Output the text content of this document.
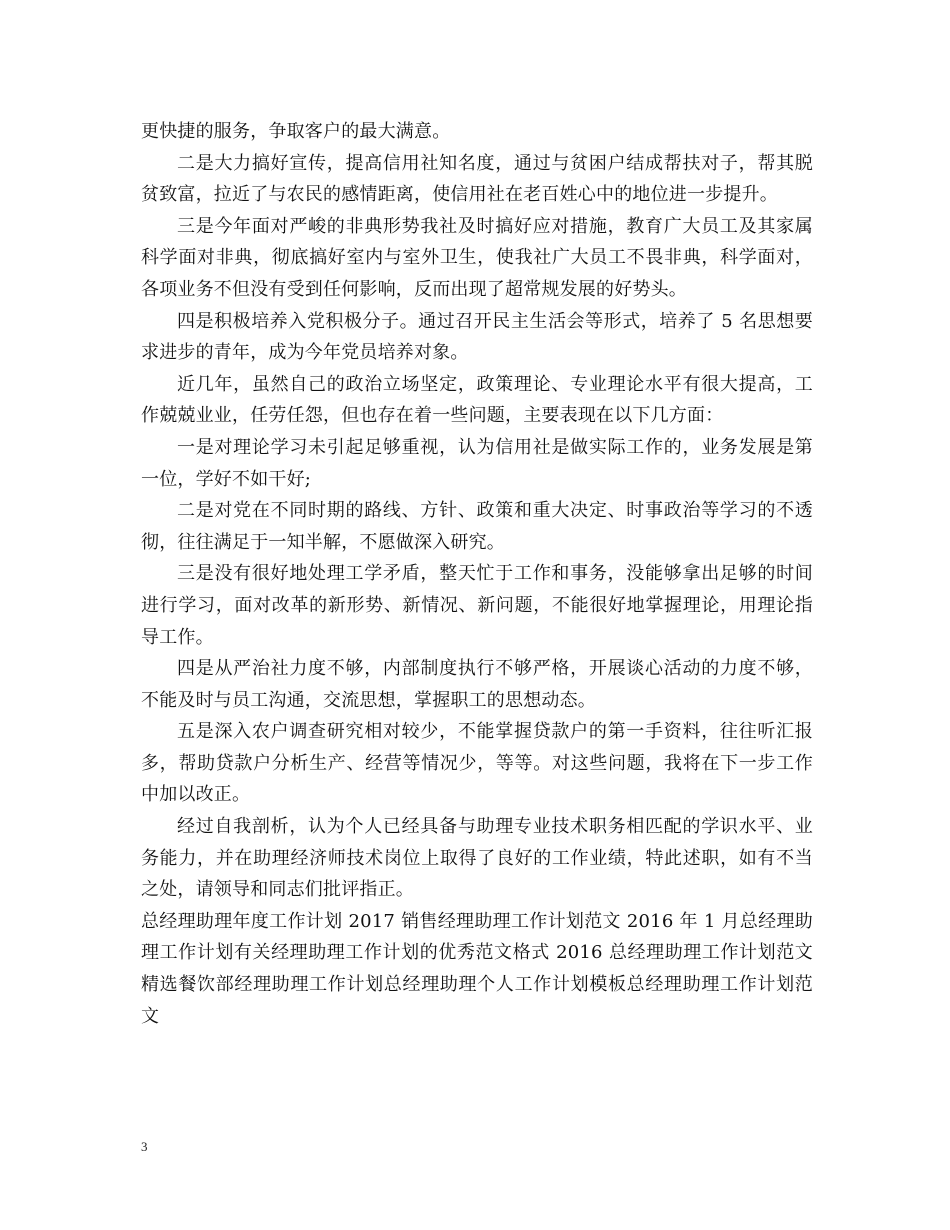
更快捷的服务，争取客户的最大满意。

二是大力搞好宣传，提高信用社知名度，通过与贫困户结成帮扶对子，帮其脱贫致富，拉近了与农民的感情距离，使信用社在老百姓心中的地位进一步提升。

三是今年面对严峻的非典形势我社及时搞好应对措施，教育广大员工及其家属科学面对非典，彻底搞好室内与室外卫生，使我社广大员工不畏非典，科学面对，各项业务不但没有受到任何影响，反而出现了超常规发展的好势头。

四是积极培养入党积极分子。通过召开民主生活会等形式，培养了 5 名思想要求进步的青年，成为今年党员培养对象。

近几年，虽然自己的政治立场坚定，政策理论、专业理论水平有很大提高，工作兢兢业业，任劳任怨，但也存在着一些问题，主要表现在以下几方面：

一是对理论学习未引起足够重视，认为信用社是做实际工作的，业务发展是第一位，学好不如干好;

二是对党在不同时期的路线、方针、政策和重大决定、时事政治等学习的不透彻，往往满足于一知半解，不愿做深入研究。

三是没有很好地处理工学矛盾，整天忙于工作和事务，没能够拿出足够的时间进行学习，面对改革的新形势、新情况、新问题，不能很好地掌握理论，用理论指导工作。

四是从严治社力度不够，内部制度执行不够严格，开展谈心活动的力度不够，不能及时与员工沟通，交流思想，掌握职工的思想动态。

五是深入农户调查研究相对较少，不能掌握贷款户的第一手资料，往往听汇报多，帮助贷款户分析生产、经营等情况少，等等。对这些问题，我将在下一步工作中加以改正。

经过自我剖析，认为个人已经具备与助理专业技术职务相匹配的学识水平、业务能力，并在助理经济师技术岗位上取得了良好的工作业绩，特此述职，如有不当之处，请领导和同志们批评指正。

总经理助理年度工作计划 2017 销售经理助理工作计划范文 2016 年 1 月总经理助理工作计划有关经理助理工作计划的优秀范文格式 2016 总经理助理工作计划范文精选餐饮部经理助理工作计划总经理助理个人工作计划模板总经理助理工作计划范文

3
